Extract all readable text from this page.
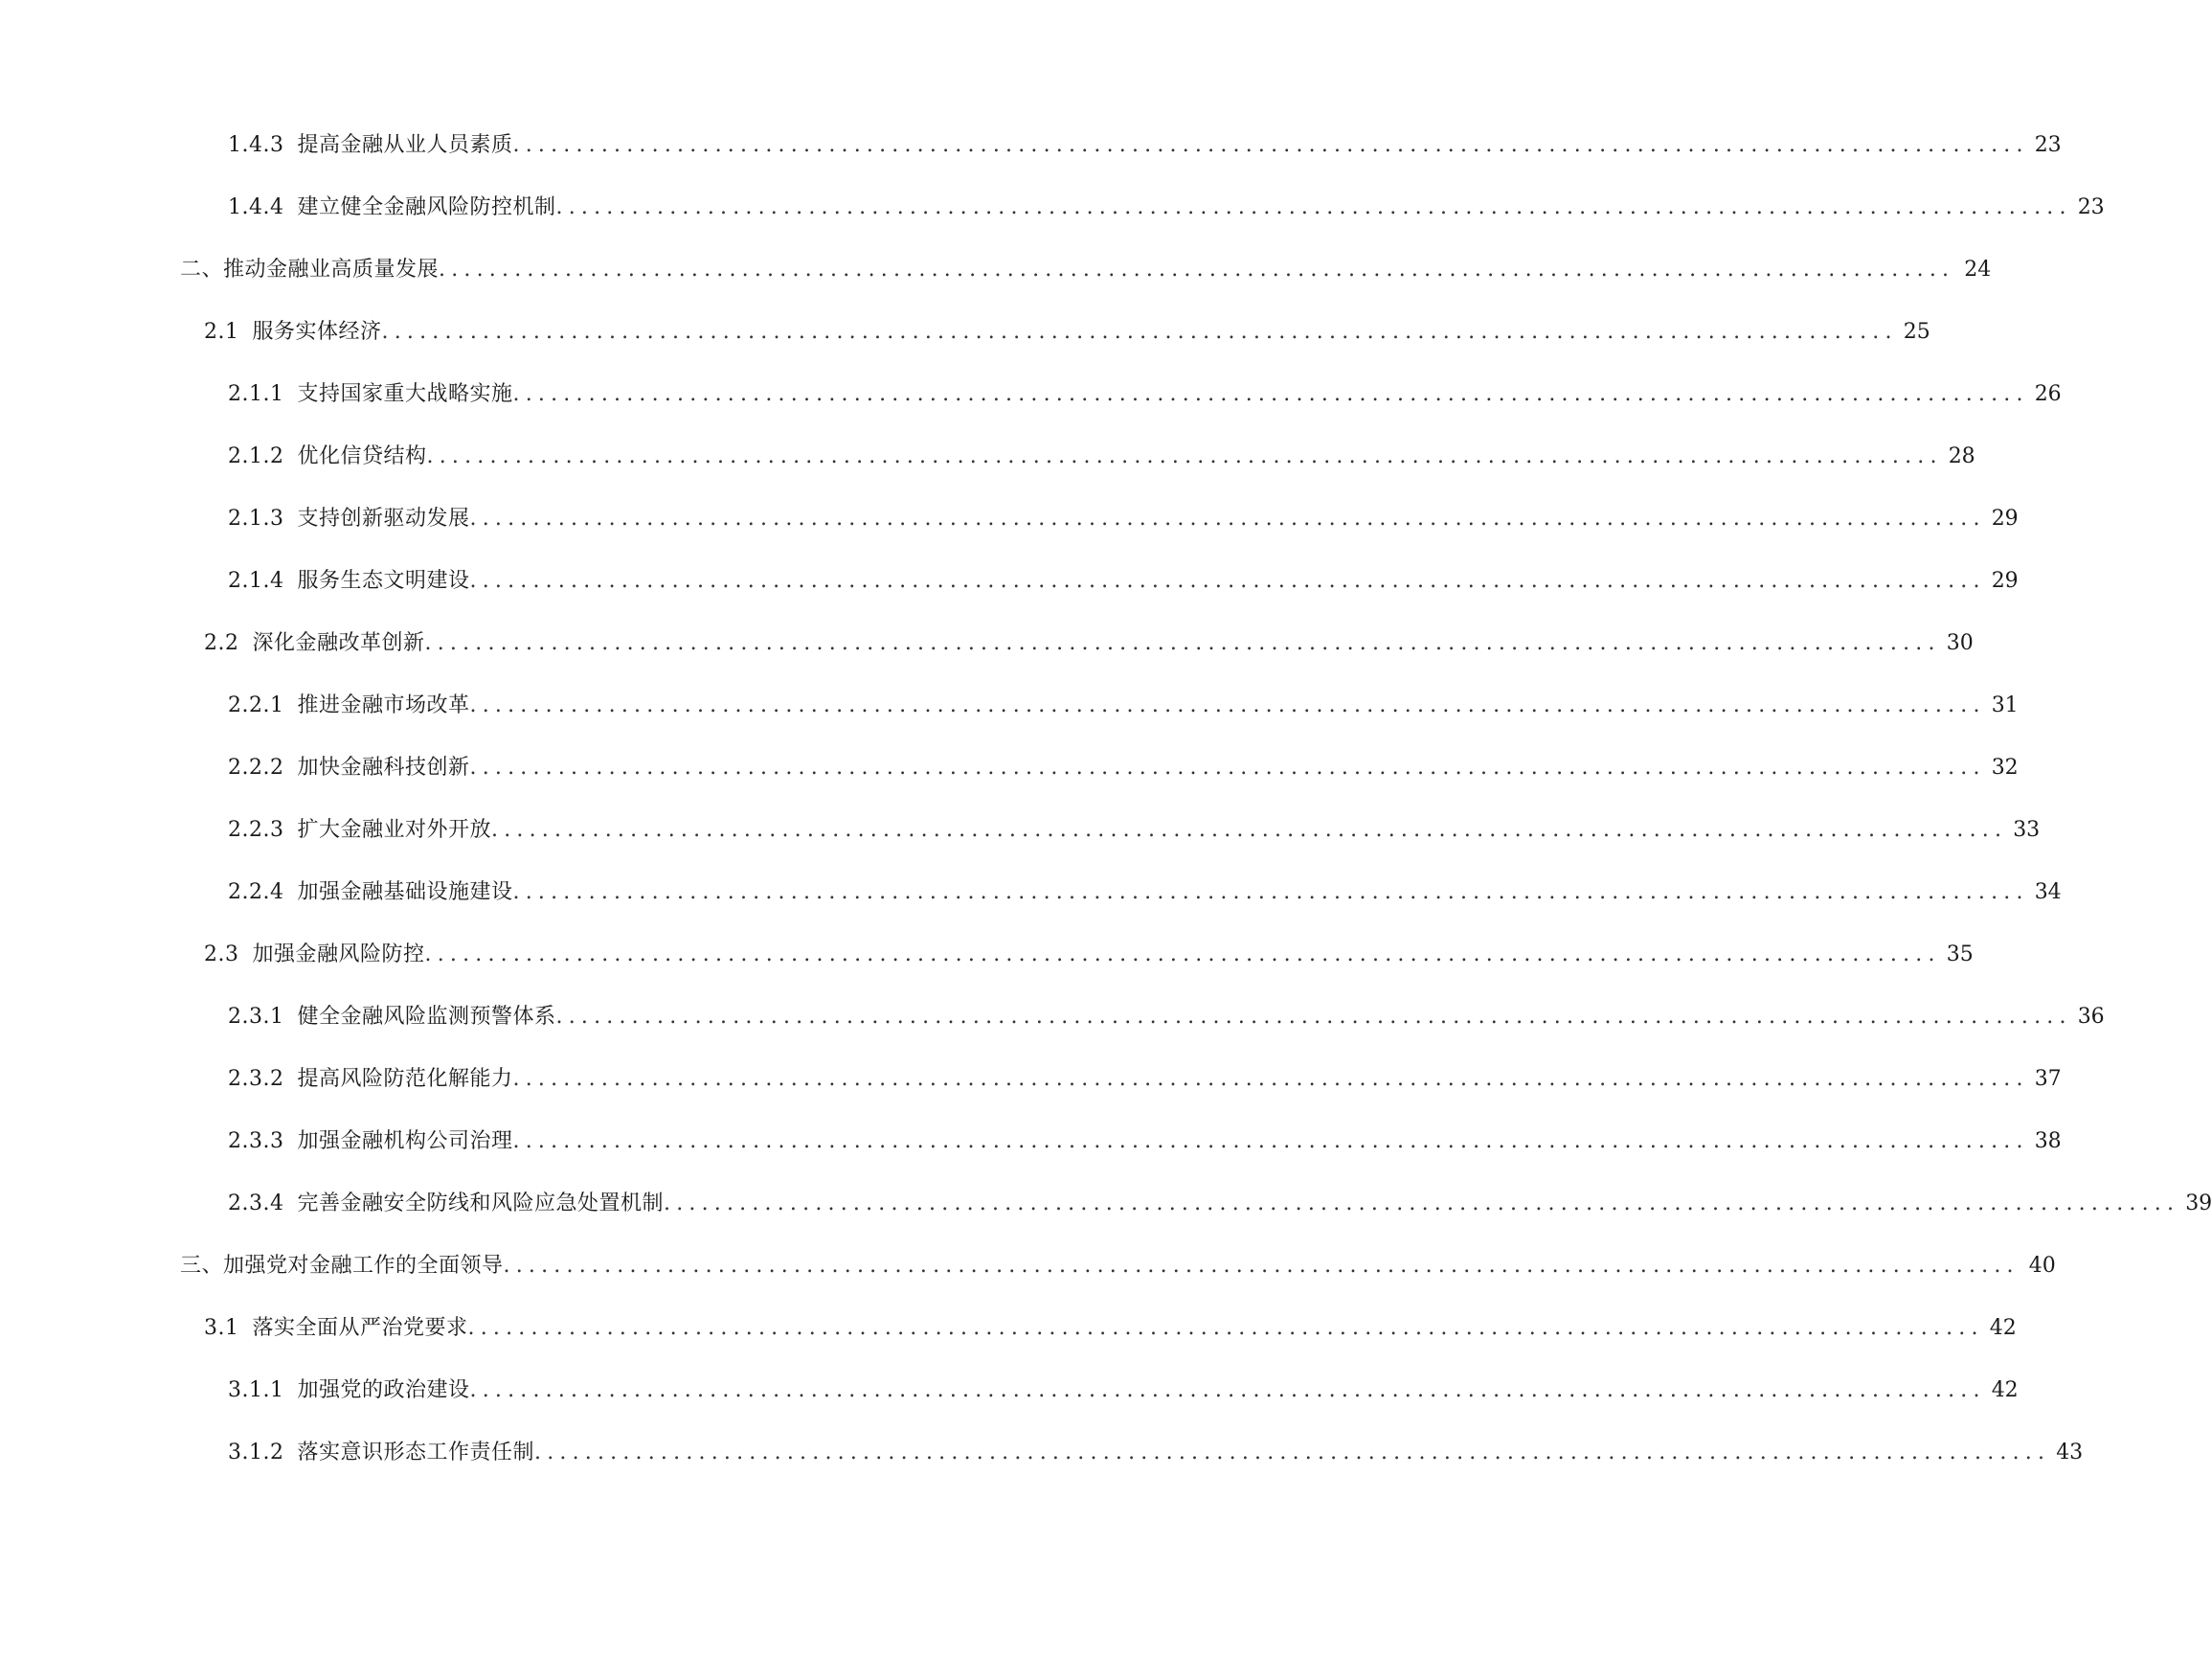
1.4.3 提高金融从业人员素质 ........................................................................................................................ 23
1.4.4 建立健全金融风险防控机制 ........................................................................................................................ 23
二、推动金融业高质量发展 ........................................................................................................................ 24
2.1 服务实体经济 ........................................................................................................................ 25
2.1.1 支持国家重大战略实施 ........................................................................................................................ 26
2.1.2 优化信贷结构 ........................................................................................................................ 28
2.1.3 支持创新驱动发展 ........................................................................................................................ 29
2.1.4 服务生态文明建设 ........................................................................................................................ 29
2.2 深化金融改革创新 ........................................................................................................................ 30
2.2.1 推进金融市场改革 ........................................................................................................................ 31
2.2.2 加快金融科技创新 ........................................................................................................................ 32
2.2.3 扩大金融业对外开放 ........................................................................................................................ 33
2.2.4 加强金融基础设施建设 ........................................................................................................................ 34
2.3 加强金融风险防控 ........................................................................................................................ 35
2.3.1 健全金融风险监测预警体系 ........................................................................................................................ 36
2.3.2 提高风险防范化解能力 ........................................................................................................................ 37
2.3.3 加强金融机构公司治理 ........................................................................................................................ 38
2.3.4 完善金融安全防线和风险应急处置机制 ........................................................................................................................ 39
三、加强党对金融工作的全面领导 ........................................................................................................................ 40
3.1 落实全面从严治党要求 ........................................................................................................................ 42
3.1.1 加强党的政治建设 ........................................................................................................................ 42
3.1.2 落实意识形态工作责任制 ........................................................................................................................ 43
